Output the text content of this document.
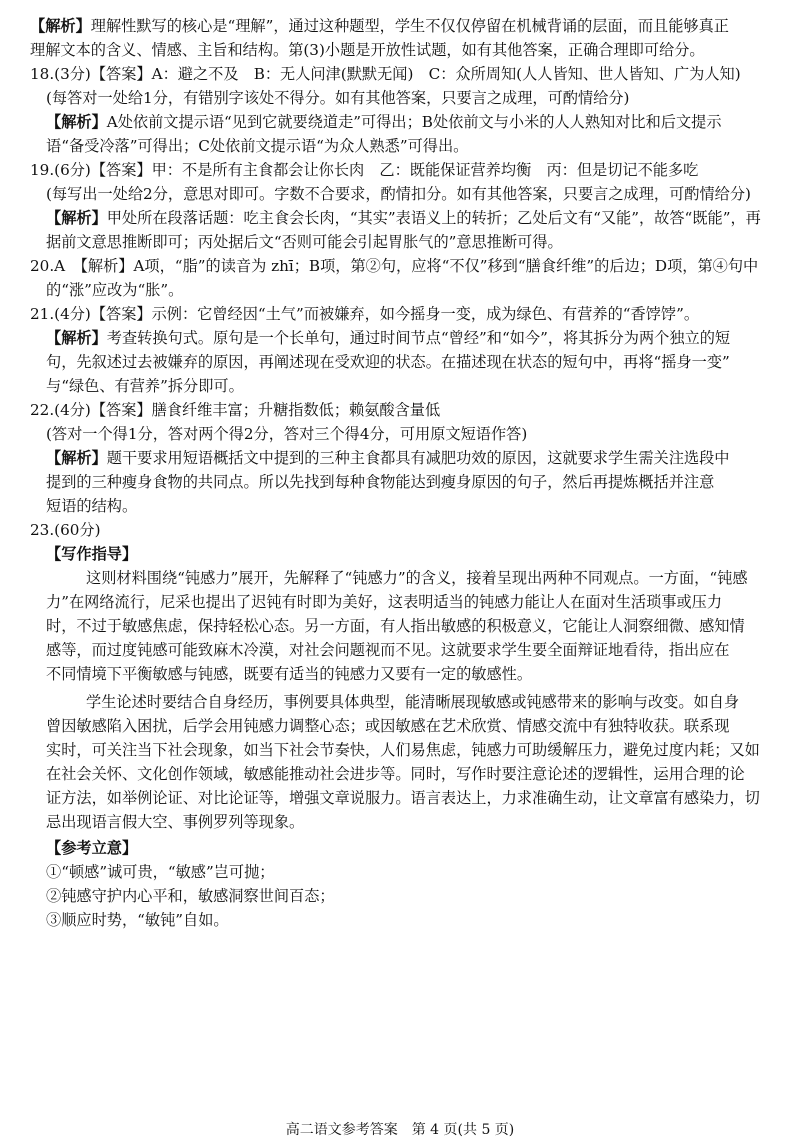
【解析】理解性默写的核心是“理解”，通过这种题型，学生不仅仅停留在机械背诵的层面，而且能够真正
理解文本的含义、情感、主旨和结构。第(3)小题是开放性试题，如有其他答案，正确合理即可给分。
18.(3分)【答案】A：避之不及　B：无人问津(默默无闻)　C：众所周知(人人皆知、世人皆知、广为人知)
(每答对一处给1分，有错别字该处不得分。如有其他答案，只要言之成理，可酌情给分)
【解析】A处依前文提示语“见到它就要绕道走”可得出；B处依前文与小米的人人熟知对比和后文提示
语“备受冷落”可得出；C处依前文提示语“为众人熟悉”可得出。
19.(6分)【答案】甲：不是所有主食都会让你长肉　乙：既能保证营养均衡　丙：但是切记不能多吃
(每写出一处给2分，意思对即可。字数不合要求，酌情扣分。如有其他答案，只要言之成理，可酌情给分)
【解析】甲处所在段落话题：吃主食会长肉，“其实”表语义上的转折；乙处后文有“又能”，故答“既能”，再
据前文意思推断即可；丙处据后文“否则可能会引起胃胀气的”意思推断可得。
20.A　【解析】A项，“脂”的读音为 zhī；B项，第②句，应将“不仅”移到“膳食纤维”的后边；D项，第④句中
的“涨”应改为“胀”。
21.(4分)【答案】示例：它曾经因“土气”而被嫌弃，如今摇身一变，成为绿色、有营养的“香饽饽”。
【解析】考查转换句式。原句是一个长单句，通过时间节点“曾经”和“如今”，将其拆分为两个独立的短
句，先叙述过去被嫌弃的原因，再阐述现在受欢迎的状态。在描述现在状态的短句中，再将“摇身一变”
与“绿色、有营养”拆分即可。
22.(4分)【答案】膳食纤维丰富；升糖指数低；赖氨酸含量低
(答对一个得1分，答对两个得2分，答对三个得4分，可用原文短语作答)
【解析】题干要求用短语概括文中提到的三种主食都具有减肥功效的原因，这就要求学生需关注选段中
提到的三种瘦身食物的共同点。所以先找到每种食物能达到瘦身原因的句子，然后再提炼概括并注意
短语的结构。
23.(60分)
【写作指导】
这则材料围绕“钝感力”展开，先解释了“钝感力”的含义，接着呈现出两种不同观点。一方面，“钝感
力”在网络流行，尼采也提出了迟钝有时即为美好，这表明适当的钝感力能让人在面对生活琐事或压力
时，不过于敏感焦虑，保持轻松心态。另一方面，有人指出敏感的积极意义，它能让人洞察细微、感知情
感等，而过度钝感可能致麻木冷漠，对社会问题视而不见。这就要求学生要全面辩证地看待，指出应在
不同情境下平衡敏感与钝感，既要有适当的钝感力又要有一定的敏感性。
学生论述时要结合自身经历，事例要具体典型，能清晰展现敏感或钝感带来的影响与改变。如自身
曾因敏感陷入困扰，后学会用钝感力调整心态；或因敏感在艺术欣赏、情感交流中有独特收获。联系现
实时，可关注当下社会现象，如当下社会节奏快，人们易焦虑，钝感力可助缓解压力，避免过度内耗；又如
在社会关怀、文化创作领域，敏感能推动社会进步等。同时，写作时要注意论述的逻辑性，运用合理的论
证方法，如举例论证、对比论证等，增强文章说服力。语言表达上，力求准确生动，让文章富有感染力，切
忌出现语言假大空、事例罗列等现象。
【参考立意】
①“顿感”诚可贵，“敏感”岂可抛；
②钝感守护内心平和，敏感洞察世间百态；
③顺应时势，“敏钝”自如。
高二语文参考答案　第 4 页(共 5 页)
